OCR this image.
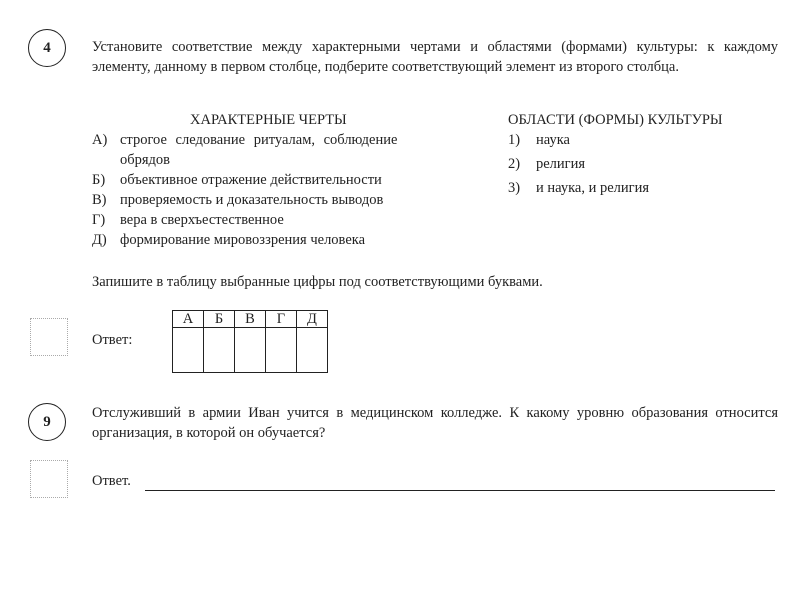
4	Установите соответствие между характерными чертами и областями (формами) культуры: к каждому элементу, данному в первом столбце, подберите соответствующий элемент из второго столбца.
ХАРАКТЕРНЫЕ ЧЕРТЫ	ОБЛАСТИ (ФОРМЫ) КУЛЬТУРЫ
А) строгое следование ритуалам, соблюдение
обрядов
Б) объективное отражение действительности
В) проверяемость и доказательность выводов
Г) вера в сверхъестественное
Д) формирование мировоззрения человека
1) наука
2) религия
3) и наука, и религия
Запишите в таблицу выбранные цифры под соответствующими буквами.
Ответ:
А	Б	В	Г	Д

9
Отслуживший в армии Иван учится в медицинском колледже. К какому уровню образования относится организация, в которой он обучается?
Ответ.
